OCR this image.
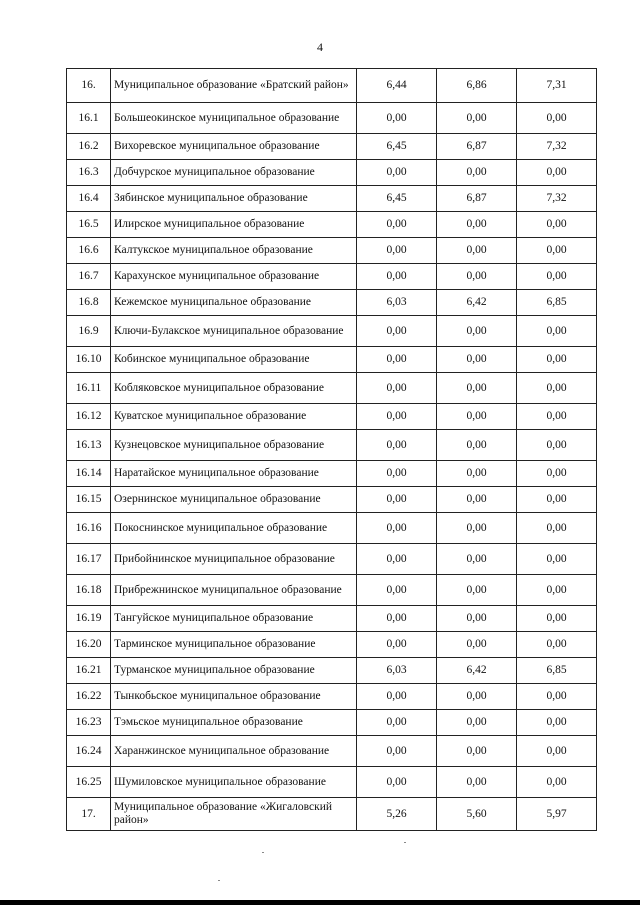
4
16.	Муниципальное образование «Братский район»	6,44	6,86	7,31
16.1	Большеокинское муниципальное образование	0,00	0,00	0,00
16.2	Вихоревское муниципальное образование	6,45	6,87	7,32
16.3	Добчурское муниципальное образование	0,00	0,00	0,00
16.4	Зябинское муниципальное образование	6,45	6,87	7,32
16.5	Илирское муниципальное образование	0,00	0,00	0,00
16.6	Калтукское муниципальное образование	0,00	0,00	0,00
16.7	Карахунское муниципальное образование	0,00	0,00	0,00
16.8	Кежемское муниципальное образование	6,03	6,42	6,85
16.9	Ключи-Булакское муниципальное образование	0,00	0,00	0,00
16.10	Кобинское муниципальное образование	0,00	0,00	0,00
16.11	Кобляковское муниципальное образование	0,00	0,00	0,00
16.12	Куватское муниципальное образование	0,00	0,00	0,00
16.13	Кузнецовское муниципальное образование	0,00	0,00	0,00
16.14	Наратайское муниципальное образование	0,00	0,00	0,00
16.15	Озернинское муниципальное образование	0,00	0,00	0,00
16.16	Покоснинское муниципальное образование	0,00	0,00	0,00
16.17	Прибойнинское муниципальное образование	0,00	0,00	0,00
16.18	Прибрежнинское муниципальное образование	0,00	0,00	0,00
16.19	Тангуйское муниципальное образование	0,00	0,00	0,00
16.20	Тарминское муниципальное образование	0,00	0,00	0,00
16.21	Турманское муниципальное образование	6,03	6,42	6,85
16.22	Тынкобьское муниципальное образование	0,00	0,00	0,00
16.23	Тэмьское муниципальное образование	0,00	0,00	0,00
16.24	Харанжинское муниципальное образование	0,00	0,00	0,00
16.25	Шумиловское муниципальное образование	0,00	0,00	0,00
17.	Муниципальное образование «Жигаловский район»	5,26	5,60	5,97
